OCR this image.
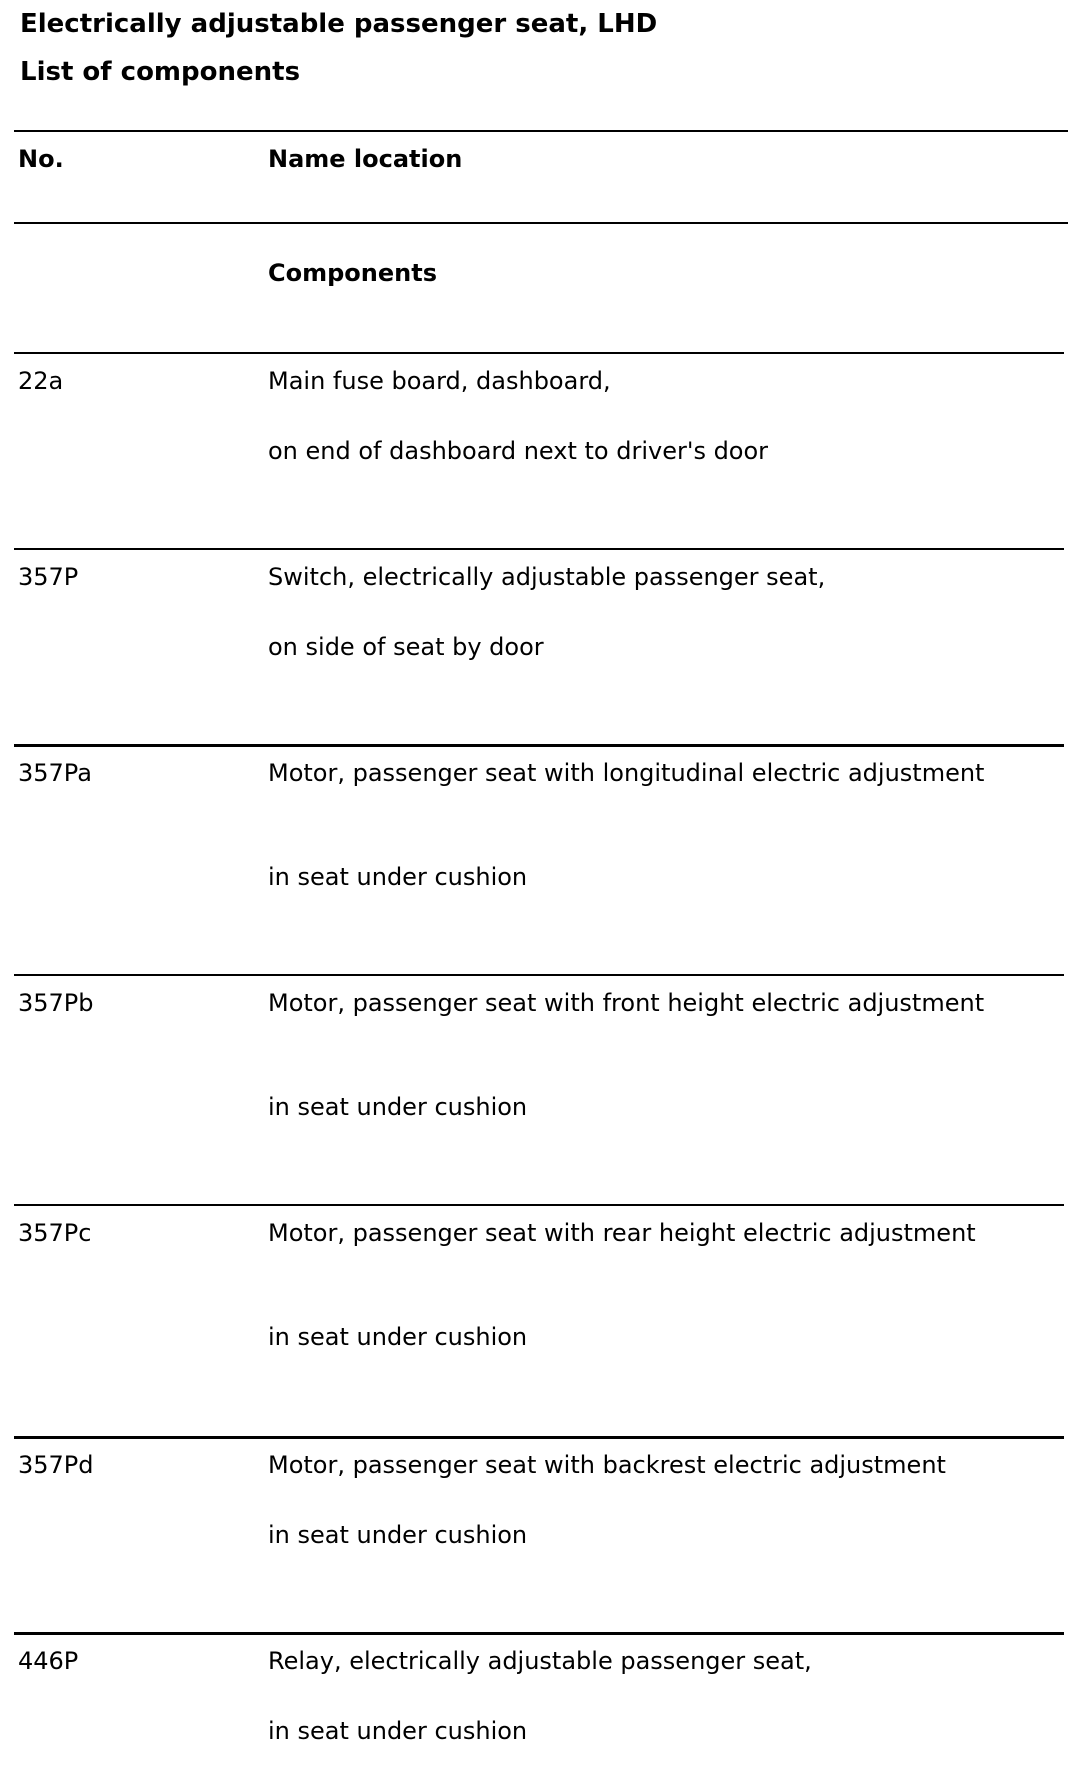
Electrically adjustable passenger seat, LHD
List of components
No.	Name location
Components
22a	Main fuse board, dashboard,
on end of dashboard next to driver's door
357P	Switch, electrically adjustable passenger seat,
on side of seat by door
357Pa	Motor, passenger seat with longitudinal electric adjustment
in seat under cushion
357Pb	Motor, passenger seat with front height electric adjustment
in seat under cushion
357Pc	Motor, passenger seat with rear height electric adjustment
in seat under cushion
357Pd	Motor, passenger seat with backrest electric adjustment
in seat under cushion
446P	Relay, electrically adjustable passenger seat,
in seat under cushion
